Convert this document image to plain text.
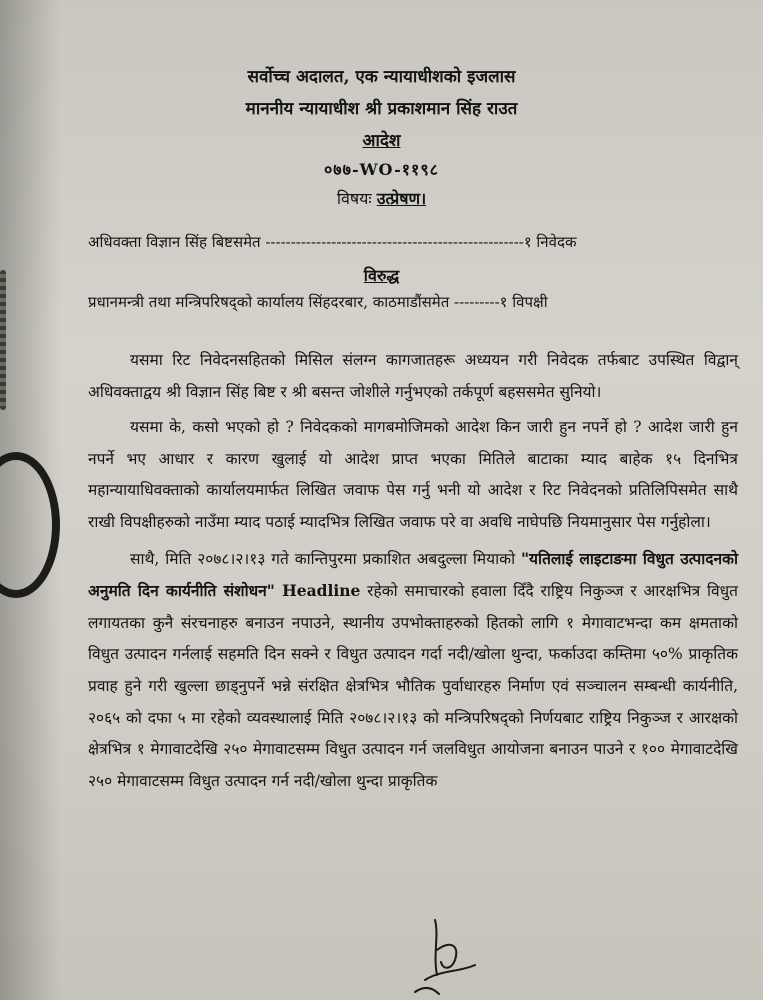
सर्वोच्च अदालत, एक न्यायाधीशको इजलास
माननीय न्यायाधीश श्री प्रकाशमान सिंह राउत
आदेश
०७७-WO-११९८
विषयः उत्प्रेषण।
अधिवक्ता विज्ञान सिंह बिष्टसमेत ---------------------------------------------------१ निवेदक
विरुद्ध
प्रधानमन्त्री तथा मन्त्रिपरिषद्को कार्यालय सिंहदरबार, काठमाडौंसमेत ---------१ विपक्षी

यसमा रिट निवेदनसहितको मिसिल संलग्न कागजातहरू अध्ययन गरी निवेदक तर्फबाट उपस्थित विद्वान् अधिवक्ताद्वय श्री विज्ञान सिंह बिष्ट र श्री बसन्त जोशीले गर्नुभएको तर्कपूर्ण बहससमेत सुनियो।

यसमा के, कसो भएको हो ? निवेदकको मागबमोजिमको आदेश किन जारी हुन नपर्ने हो ? आदेश जारी हुन नपर्ने भए आधार र कारण खुलाई यो आदेश प्राप्त भएका मितिले बाटाका म्याद बाहेक १५ दिनभित्र महान्यायाधिवक्ताको कार्यालयमार्फत लिखित जवाफ पेस गर्नु भनी यो आदेश र रिट निवेदनको प्रतिलिपिसमेत साथै राखी विपक्षीहरुको नाउँमा म्याद पठाई म्यादभित्र लिखित जवाफ परे वा अवधि नाघेपछि नियमानुसार पेस गर्नुहोला।

साथै, मिति २०७८।२।१३ गते कान्तिपुरमा प्रकाशित अबदुल्ला मियाको "यतिलाई लाइटाङमा विधुत उत्पादनको अनुमति दिन कार्यनीति संशोधन" Headline रहेको समाचारको हवाला दिँदै राष्ट्रिय निकुञ्ज र आरक्षभित्र विधुत लगायतका कुनै संरचनाहरु बनाउन नपाउने, स्थानीय उपभोक्ताहरुको हितको लागि १ मेगावाटभन्दा कम क्षमताको विधुत उत्पादन गर्नलाई सहमति दिन सक्ने र विधुत उत्पादन गर्दा नदी/खोला थुन्दा, फर्काउदा कम्तिमा ५०% प्राकृतिक प्रवाह हुने गरी खुल्ला छाड्नुपर्ने भन्ने संरक्षित क्षेत्रभित्र भौतिक पुर्वाधारहरु निर्माण एवं सञ्चालन सम्बन्धी कार्यनीति, २०६५ को दफा ५ मा रहेको व्यवस्थालाई मिति २०७८।२।१३ को मन्त्रिपरिषद्को निर्णयबाट राष्ट्रिय निकुञ्ज र आरक्षको क्षेत्रभित्र १ मेगावाटदेखि २५० मेगावाटसम्म विधुत उत्पादन गर्न जलविधुत आयोजना बनाउन पाउने र १०० मेगावाटदेखि २५० मेगावाटसम्म विधुत उत्पादन गर्न नदी/खोला थुन्दा प्राकृतिक
